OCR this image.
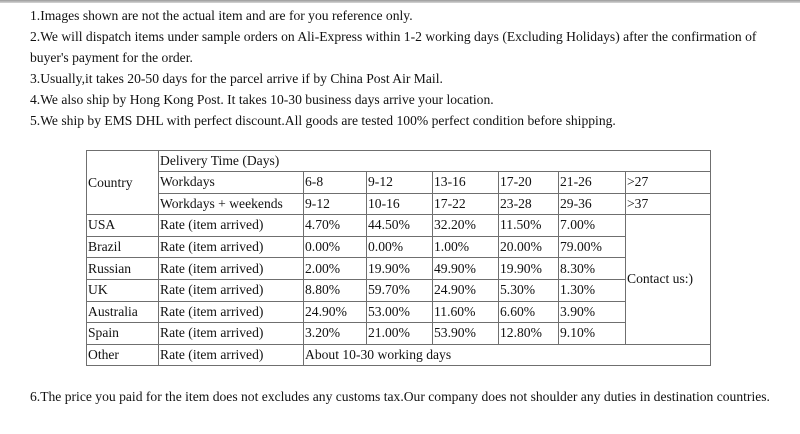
1.Images shown are not the actual item and are for you reference only.

2.We will dispatch items under sample orders on Ali-Express within 1-2 working days (Excluding Holidays) after the confirmation of buyer's payment for the order.

3.Usually,it takes 20-50 days for the parcel arrive if by China Post Air Mail.

4.We also ship by Hong Kong Post. It takes 10-30 business days arrive your location.

5.We ship by EMS DHL with perfect discount.All goods are tested 100% perfect condition before shipping.

Country	Delivery Time (Days)						
	Workdays	6-8	9-12	13-16	17-20	21-26	>27
	Workdays + weekends	9-12	10-16	17-22	23-28	29-36	>37
USA	Rate (item arrived)	4.70%	44.50%	32.20%	11.50%	7.00%	Contact us:)
Brazil	Rate (item arrived)	0.00%	0.00%	1.00%	20.00%	79.00%	
Russian	Rate (item arrived)	2.00%	19.90%	49.90%	19.90%	8.30%	
UK	Rate (item arrived)	8.80%	59.70%	24.90%	5.30%	1.30%	
Australia	Rate (item arrived)	24.90%	53.00%	11.60%	6.60%	3.90%	
Spain	Rate (item arrived)	3.20%	21.00%	53.90%	12.80%	9.10%	
Other	Rate (item arrived)	About 10-30 working days					

6.The price you paid for the item does not excludes any customs tax.Our company does not shoulder any duties in destination countries.
